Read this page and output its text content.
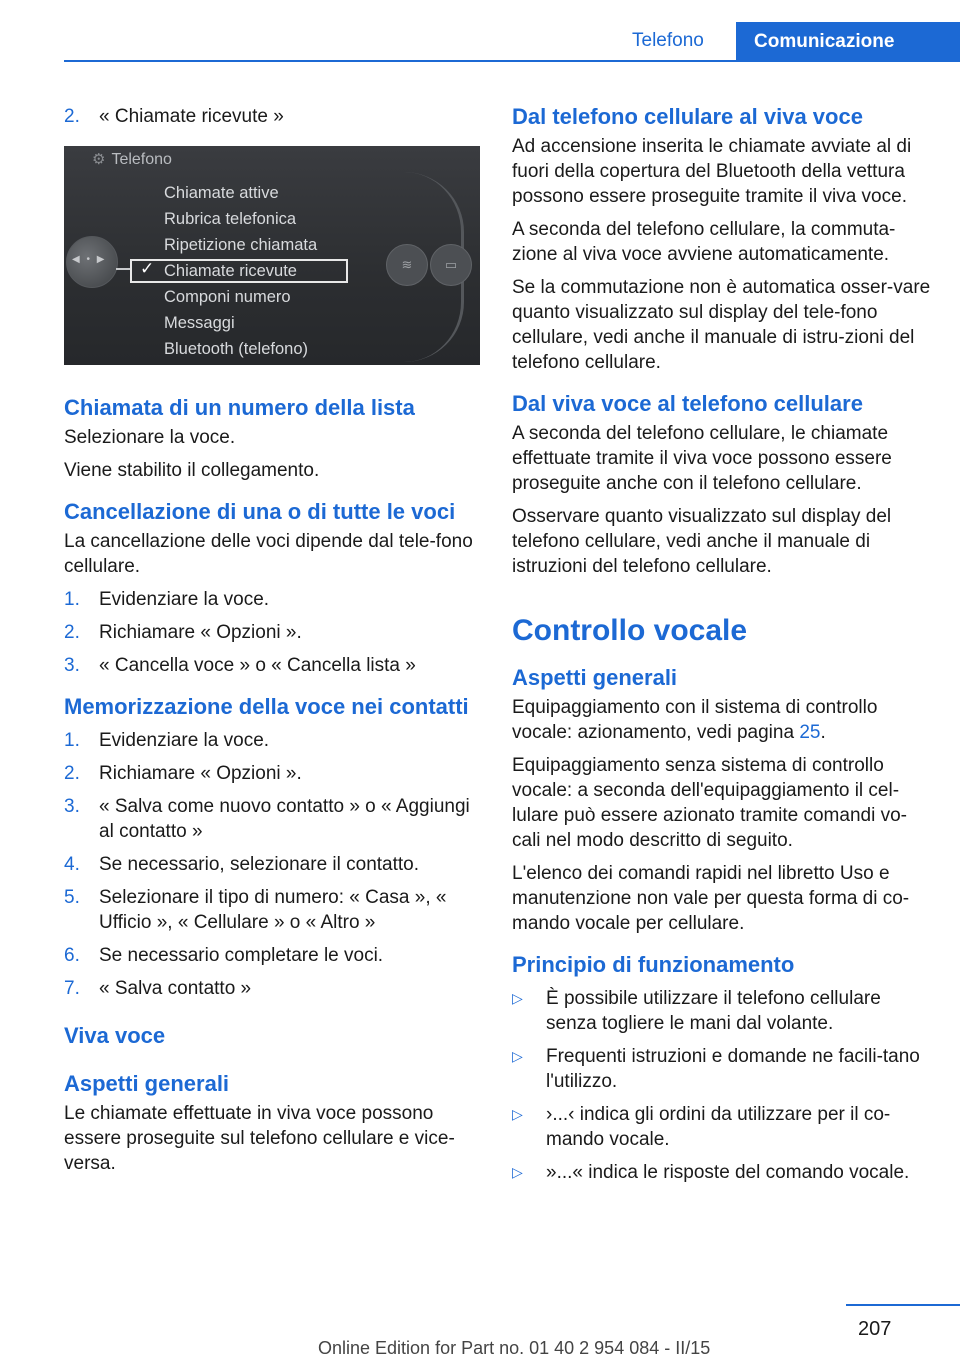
Telefono	Comunicazione
2. « Chiamate ricevute »
⚙ Telefono
◀ • ▶ ✓
Chiamate attive
Rubrica telefonica
Ripetizione chiamata
Chiamate ricevute
Componi numero
Messaggi
Bluetooth (telefono)
≋	▭
Chiamata di un numero della lista

Selezionare la voce.

Viene stabilito il collegamento.

Cancellazione di una o di tutte le voci

La cancellazione delle voci dipende dal tele‐fono cellulare.

1. Evidenziare la voce.
2. Richiamare « Opzioni ».
3. « Cancella voce » o « Cancella lista »
Memorizzazione della voce nei contatti
1. Evidenziare la voce.
2. Richiamare « Opzioni ».
3. « Salva come nuovo contatto » o « Aggiungi al contatto »
4. Se necessario, selezionare il contatto.
5. Selezionare il tipo di numero: « Casa », « Ufficio », « Cellulare » o « Altro »
6. Se necessario completare le voci.
7. « Salva contatto »
Viva voce
Aspetti generali

Le chiamate effettuate in viva voce possono essere proseguite sul telefono cellulare e vice‐versa.

Dal telefono cellulare al viva voce

Ad accensione inserita le chiamate avviate al di fuori della copertura del Bluetooth della vettura possono essere proseguite tramite il viva voce.

A seconda del telefono cellulare, la commuta‐zione al viva voce avviene automaticamente.

Se la commutazione non è automatica osser‐vare quanto visualizzato sul display del tele‐fono cellulare, vedi anche il manuale di istru‐zioni del telefono cellulare.

Dal viva voce al telefono cellulare

A seconda del telefono cellulare, le chiamate effettuate tramite il viva voce possono essere proseguite anche con il telefono cellulare.

Osservare quanto visualizzato sul display del telefono cellulare, vedi anche il manuale di istruzioni del telefono cellulare.

Controllo vocale
Aspetti generali

Equipaggiamento con il sistema di controllo vocale: azionamento, vedi pagina 25.

Equipaggiamento senza sistema di controllo vocale: a seconda dell'equipaggiamento il cel‐lulare può essere azionato tramite comandi vo‐cali nel modo descritto di seguito.

L'elenco dei comandi rapidi nel libretto Uso e manutenzione non vale per questa forma di co‐mando vocale per cellulare.

Principio di funzionamento
▷ È possibile utilizzare il telefono cellulare senza togliere le mani dal volante.
▷ Frequenti istruzioni e domande ne facili‐tano l'utilizzo.
▷ ›...‹ indica gli ordini da utilizzare per il co‐mando vocale.
▷ »...« indica le risposte del comando vocale.
207
Online Edition for Part no. 01 40 2 954 084 - II/15
